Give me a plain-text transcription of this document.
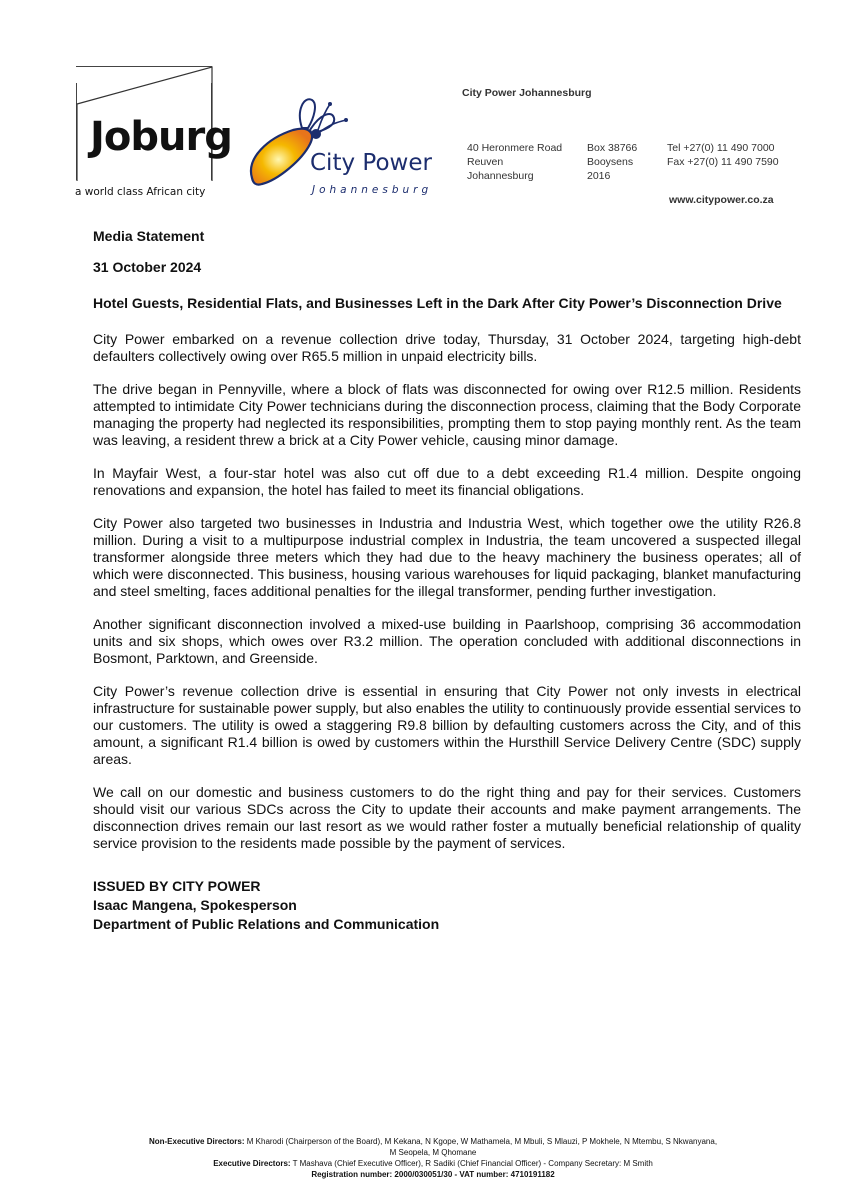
Joburg
a world class African city
City Power
Johannesburg
City Power Johannesburg
40 Heronmere Road
Reuven
Johannesburg
Box 38766
Booysens
2016
Tel +27(0) 11 490 7000
Fax +27(0) 11 490 7590
www.citypower.co.za

Media Statement

31 October 2024

Hotel Guests, Residential Flats, and Businesses Left in the Dark After City Power’s Disconnection Drive

City Power embarked on a revenue collection drive today, Thursday, 31 October 2024, targeting high-debt defaulters collectively owing over R65.5 million in unpaid electricity bills.

The drive began in Pennyville, where a block of flats was disconnected for owing over R12.5 million. Residents attempted to intimidate City Power technicians during the disconnection process, claiming that the Body Corporate managing the property had neglected its responsibilities, prompting them to stop paying monthly rent. As the team was leaving, a resident threw a brick at a City Power vehicle, causing minor damage.

In Mayfair West, a four-star hotel was also cut off due to a debt exceeding R1.4 million. Despite ongoing renovations and expansion, the hotel has failed to meet its financial obligations.

City Power also targeted two businesses in Industria and Industria West, which together owe the utility R26.8 million. During a visit to a multipurpose industrial complex in Industria, the team uncovered a suspected illegal transformer alongside three meters which they had due to the heavy machinery the business operates; all of which were disconnected. This business, housing various warehouses for liquid packaging, blanket manufacturing and steel smelting, faces additional penalties for the illegal transformer, pending further investigation.

Another significant disconnection involved a mixed-use building in Paarlshoop, comprising 36 accommodation units and six shops, which owes over R3.2 million. The operation concluded with additional disconnections in Bosmont, Parktown, and Greenside.

City Power’s revenue collection drive is essential in ensuring that City Power not only invests in electrical infrastructure for sustainable power supply, but also enables the utility to continuously provide essential services to our customers. The utility is owed a staggering R9.8 billion by defaulting customers across the City, and of this amount, a significant R1.4 billion is owed by customers within the Hursthill Service Delivery Centre (SDC) supply areas.

We call on our domestic and business customers to do the right thing and pay for their services. Customers should visit our various SDCs across the City to update their accounts and make payment arrangements. The disconnection drives remain our last resort as we would rather foster a mutually beneficial relationship of quality service provision to the residents made possible by the payment of services.

ISSUED BY CITY POWER
Isaac Mangena, Spokesperson
Department of Public Relations and Communication
Non-Executive Directors: M Kharodi (Chairperson of the Board), M Kekana, N Kgope, W Mathamela, M Mbuli, S Mlauzi, P Mokhele, N Mtembu, S Nkwanyana,
M Seopela, M Qhomane
Executive Directors: T Mashava (Chief Executive Officer), R Sadiki (Chief Financial Officer) - Company Secretary: M Smith
Registration number: 2000/030051/30 - VAT number: 4710191182
